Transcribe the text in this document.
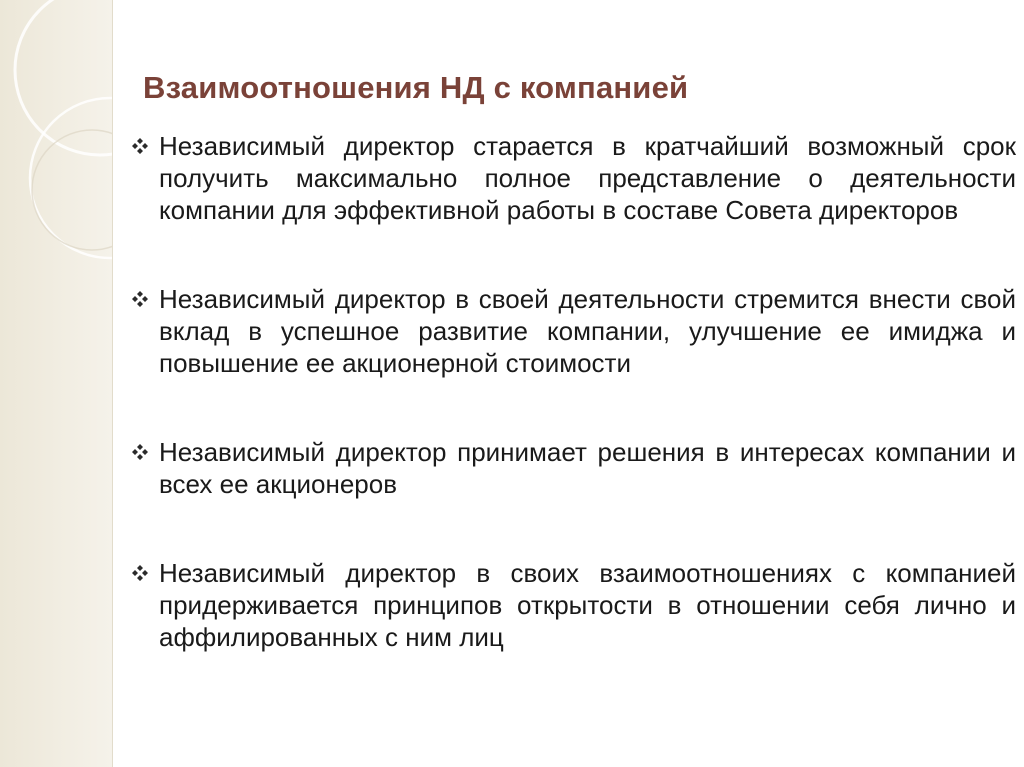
Взаимоотношения НД с компанией
Независимый директор старается в кратчайший возможный срок получить максимально полное представление о деятельности компании для эффективной работы в составе Совета директоров
Независимый директор в своей деятельности стремится внести свой вклад в успешное развитие компании, улучшение ее имиджа и повышение ее акционерной стоимости
Независимый директор принимает решения в интересах компании и всех ее акционеров
Независимый директор в своих взаимоотношениях с компанией придерживается принципов открытости в отношении себя лично и аффилированных с ним лиц
